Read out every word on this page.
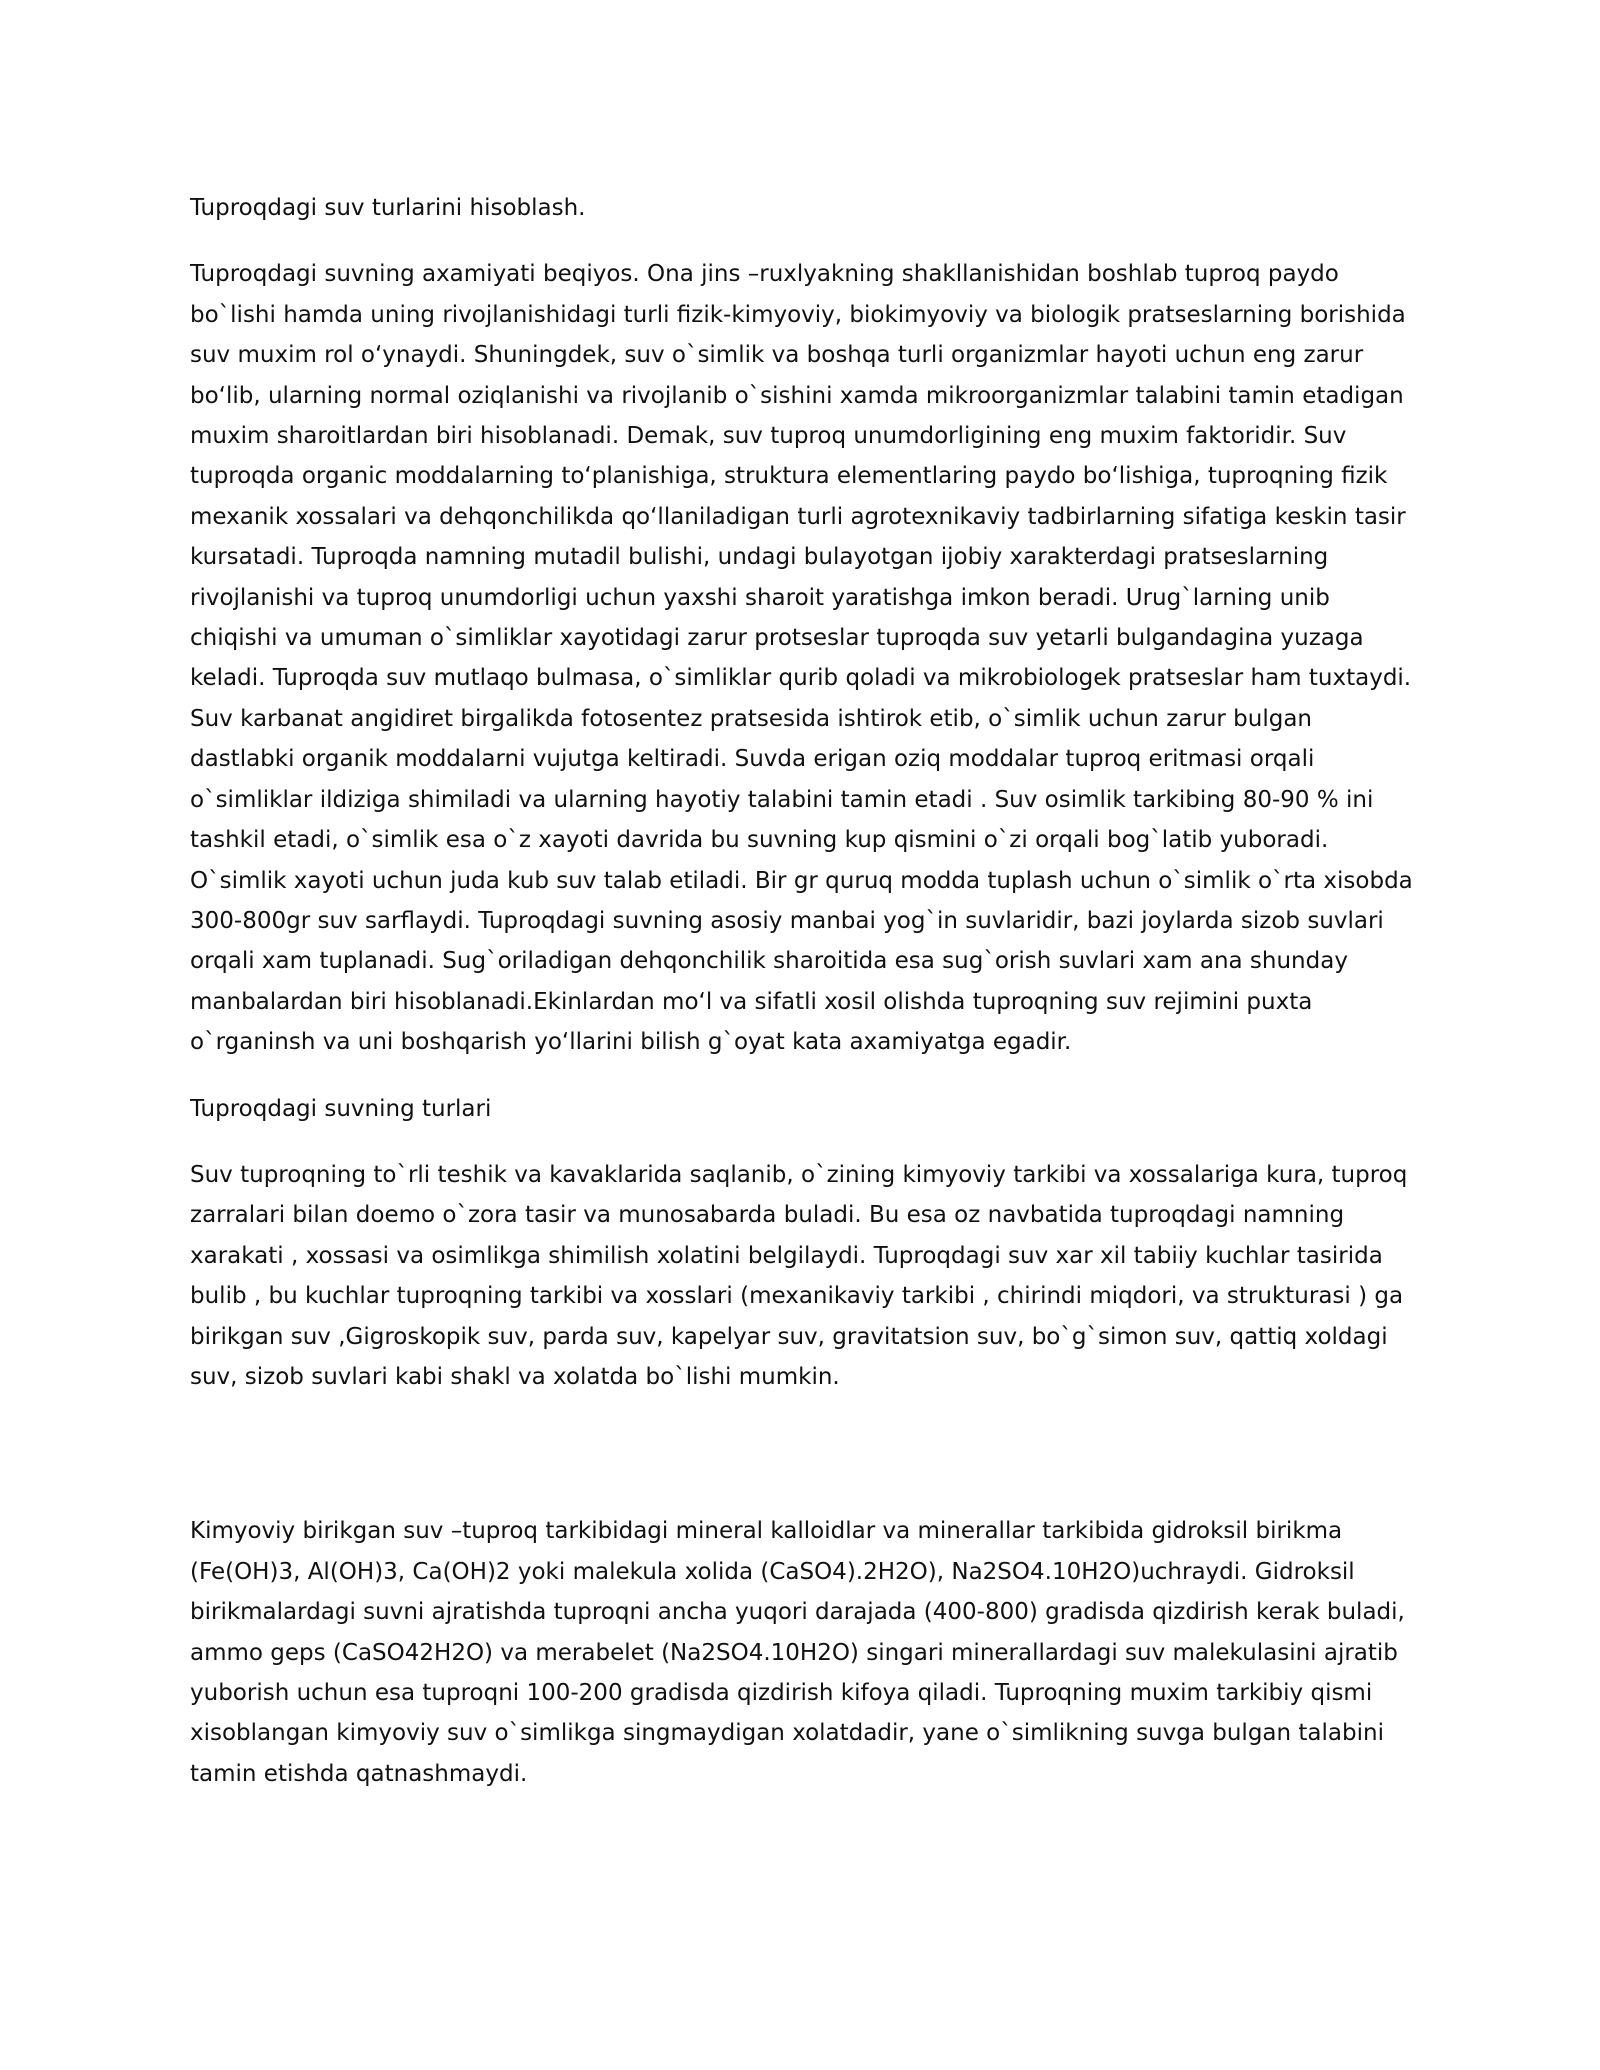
Tuproqdagi suv turlarini hisoblash.
Tuproqdagi suvning axamiyati beqiyos. Ona jins –ruxlyakning shakllanishidan boshlab tuproq paydo bo`lishi hamda uning rivojlanishidagi turli fizik-kimyoviy, biokimyoviy va biologik pratseslarning borishida suv muxim rol o‘ynaydi. Shuningdek, suv o`simlik va boshqa turli organizmlar hayoti uchun eng zarur bo‘lib, ularning normal oziqlanishi va rivojlanib o`sishini xamda mikroorganizmlar talabini tamin etadigan muxim sharoitlardan biri hisoblanadi. Demak, suv tuproq unumdorligining eng muxim faktoridir. Suv tuproqda organic moddalarning to‘planishiga, struktura elementlaring paydo bo‘lishiga, tuproqning fizik mexanik xossalari va dehqonchilikda qo‘llaniladigan turli agrotexnikaviy tadbirlarning sifatiga keskin tasir kursatadi. Tuproqda namning mutadil bulishi, undagi bulayotgan ijobiy xarakterdagi pratseslarning rivojlanishi va tuproq unumdorligi uchun yaxshi sharoit yaratishga imkon beradi. Urug`larning unib chiqishi va umuman o`simliklar xayotidagi zarur protseslar tuproqda suv yetarli bulgandagina yuzaga keladi. Tuproqda suv mutlaqo bulmasa, o`simliklar qurib qoladi va mikrobiologek pratseslar ham tuxtaydi. Suv karbanat angidiret birgalikda fotosentez pratsesida ishtirok etib, o`simlik uchun zarur bulgan dastlabki organik moddalarni vujutga keltiradi. Suvda erigan oziq moddalar tuproq eritmasi orqali o`simliklar ildiziga shimiladi va ularning hayotiy talabini tamin etadi . Suv osimlik tarkibing 80-90 % ini tashkil etadi, o`simlik esa o`z xayoti davrida bu suvning kup qismini o`zi orqali bog`latib yuboradi. O`simlik xayoti uchun juda kub suv talab etiladi. Bir gr quruq modda tuplash uchun o`simlik o`rta xisobda 300-800gr suv sarflaydi. Tuproqdagi suvning asosiy manbai yog`in suvlaridir, bazi joylarda sizob suvlari orqali xam tuplanadi. Sug`oriladigan dehqonchilik sharoitida esa sug`orish suvlari xam ana shunday manbalardan biri hisoblanadi.Ekinlardan mo‘l va sifatli xosil olishda tuproqning suv rejimini puxta o`rganinsh va uni boshqarish yo‘llarini bilish g`oyat kata axamiyatga egadir.
Tuproqdagi suvning turlari
Suv tuproqning to`rli teshik va kavaklarida saqlanib, o`zining kimyoviy tarkibi va xossalariga kura, tuproq zarralari bilan doemo o`zora tasir va munosabarda buladi. Bu esa oz navbatida tuproqdagi namning xarakati , xossasi va osimlikga shimilish xolatini belgilaydi. Tuproqdagi suv xar xil tabiiy kuchlar tasirida bulib , bu kuchlar tuproqning tarkibi va xosslari (mexanikaviy tarkibi , chirindi miqdori, va strukturasi ) ga birikgan suv ,Gigroskopik suv, parda suv, kapelyar suv, gravitatsion suv, bo`g`simon suv, qattiq xoldagi suv, sizob suvlari kabi shakl va xolatda bo`lishi mumkin.
Kimyoviy birikgan suv –tuproq tarkibidagi mineral kalloidlar va minerallar tarkibida gidroksil birikma (Fe(OH)3, Al(OH)3, Ca(OH)2 yoki malekula xolida (CaSO4).2H2O), Na2SO4.10H2O)uchraydi. Gidroksil birikmalardagi suvni ajratishda tuproqni ancha yuqori darajada (400-800) gradisda qizdirish kerak buladi, ammo geps (CaSO42H2O) va merabelet (Na2SO4.10H2O) singari minerallardagi suv malekulasini ajratib yuborish uchun esa tuproqni 100-200 gradisda qizdirish kifoya qiladi. Tuproqning muxim tarkibiy qismi xisoblangan kimyoviy suv o`simlikga singmaydigan xolatdadir, yane o`simlikning suvga bulgan talabini tamin etishda qatnashmaydi.
